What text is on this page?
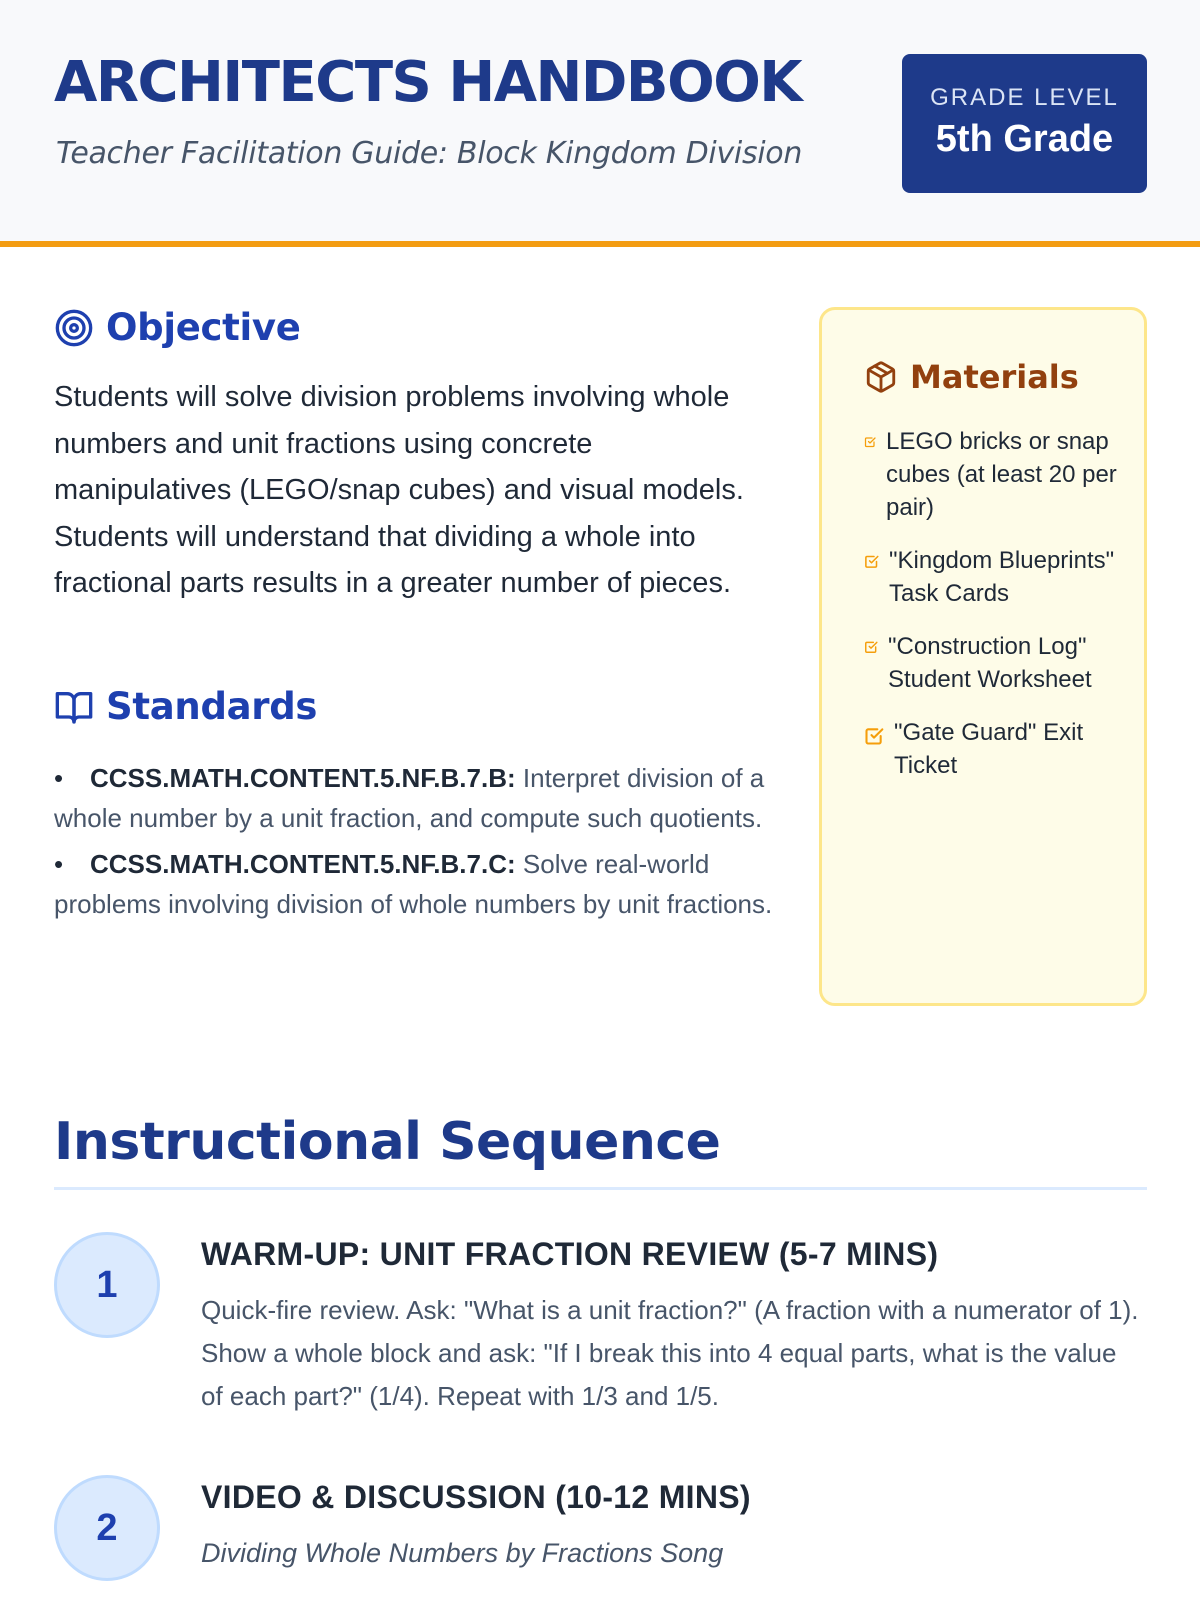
ARCHITECTS HANDBOOK
Teacher Facilitation Guide: Block Kingdom Division
GRADE LEVEL
5th Grade
Objective

Students will solve division problems involving whole numbers and unit fractions using concrete manipulatives (LEGO/snap cubes) and visual models. Students will understand that dividing a whole into fractional parts results in a greater number of pieces.

Standards
• CCSS.MATH.CONTENT.5.NF.B.7.B: Interpret division of a whole number by a unit fraction, and compute such quotients.
• CCSS.MATH.CONTENT.5.NF.B.7.C: Solve real-world problems involving division of whole numbers by unit fractions.
Materials
LEGO bricks or snap cubes (at least 20 per pair)
"Kingdom Blueprints" Task Cards
"Construction Log" Student Worksheet
"Gate Guard" Exit Ticket
Instructional Sequence
1
WARM-UP: UNIT FRACTION REVIEW (5-7 MINS)

Quick-fire review. Ask: "What is a unit fraction?" (A fraction with a numerator of 1). Show a whole block and ask: "If I break this into 4 equal parts, what is the value of each part?" (1/4). Repeat with 1/3 and 1/5.

2
VIDEO & DISCUSSION (10-12 MINS)
Dividing Whole Numbers by Fractions Song
